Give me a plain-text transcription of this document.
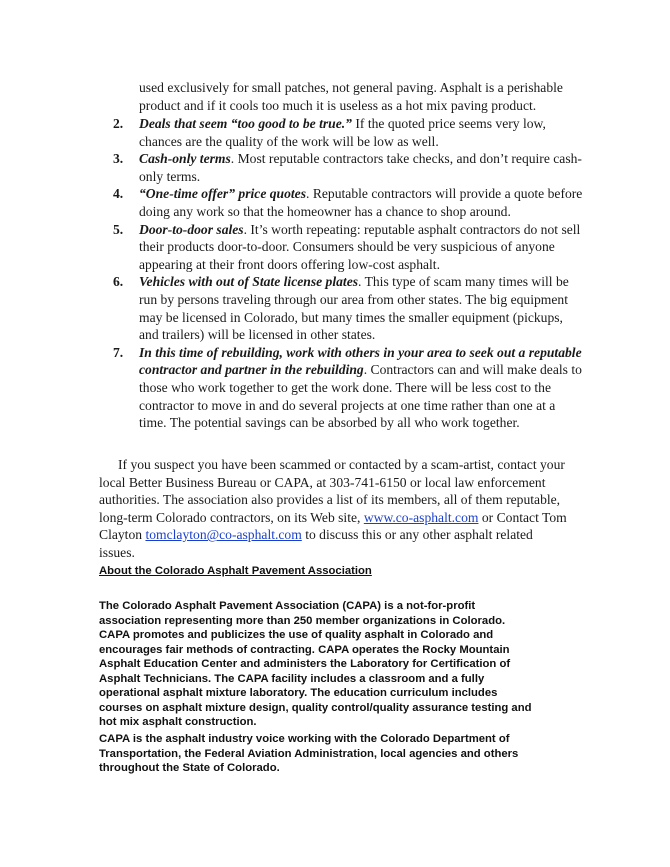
used exclusively for small patches, not general paving. Asphalt is a perishable product and if it cools too much it is useless as a hot mix paving product.
2.	Deals that seem “too good to be true.” If the quoted price seems very low, chances are the quality of the work will be low as well.
3.	Cash-only terms. Most reputable contractors take checks, and don’t require cash-only terms.
4.	“One-time offer” price quotes. Reputable contractors will provide a quote before doing any work so that the homeowner has a chance to shop around.
5.	Door-to-door sales. It’s worth repeating: reputable asphalt contractors do not sell their products door-to-door. Consumers should be very suspicious of anyone appearing at their front doors offering low-cost asphalt.
6.	Vehicles with out of State license plates. This type of scam many times will be run by persons traveling through our area from other states. The big equipment may be licensed in Colorado, but many times the smaller equipment (pickups, and trailers) will be licensed in other states.
7.	In this time of rebuilding, work with others in your area to seek out a reputable contractor and partner in the rebuilding. Contractors can and will make deals to those who work together to get the work done. There will be less cost to the contractor to move in and do several projects at one time rather than one at a time. The potential savings can be absorbed by all who work together.

If you suspect you have been scammed or contacted by a scam-artist, contact your local Better Business Bureau or CAPA, at 303-741-6150 or local law enforcement authorities. The association also provides a list of its members, all of them reputable, long-term Colorado contractors, on its Web site, www.co-asphalt.com or Contact Tom Clayton tomclayton@co-asphalt.com to discuss this or any other asphalt related issues.

About the Colorado Asphalt Pavement Association

The Colorado Asphalt Pavement Association (CAPA) is a not-for-profit association representing more than 250 member organizations in Colorado. CAPA promotes and publicizes the use of quality asphalt in Colorado and encourages fair methods of contracting. CAPA operates the Rocky Mountain Asphalt Education Center and administers the Laboratory for Certification of Asphalt Technicians. The CAPA facility includes a classroom and a fully operational asphalt mixture laboratory. The education curriculum includes courses on asphalt mixture design, quality control/quality assurance testing and hot mix asphalt construction.

CAPA is the asphalt industry voice working with the Colorado Department of Transportation, the Federal Aviation Administration, local agencies and others throughout the State of Colorado.
